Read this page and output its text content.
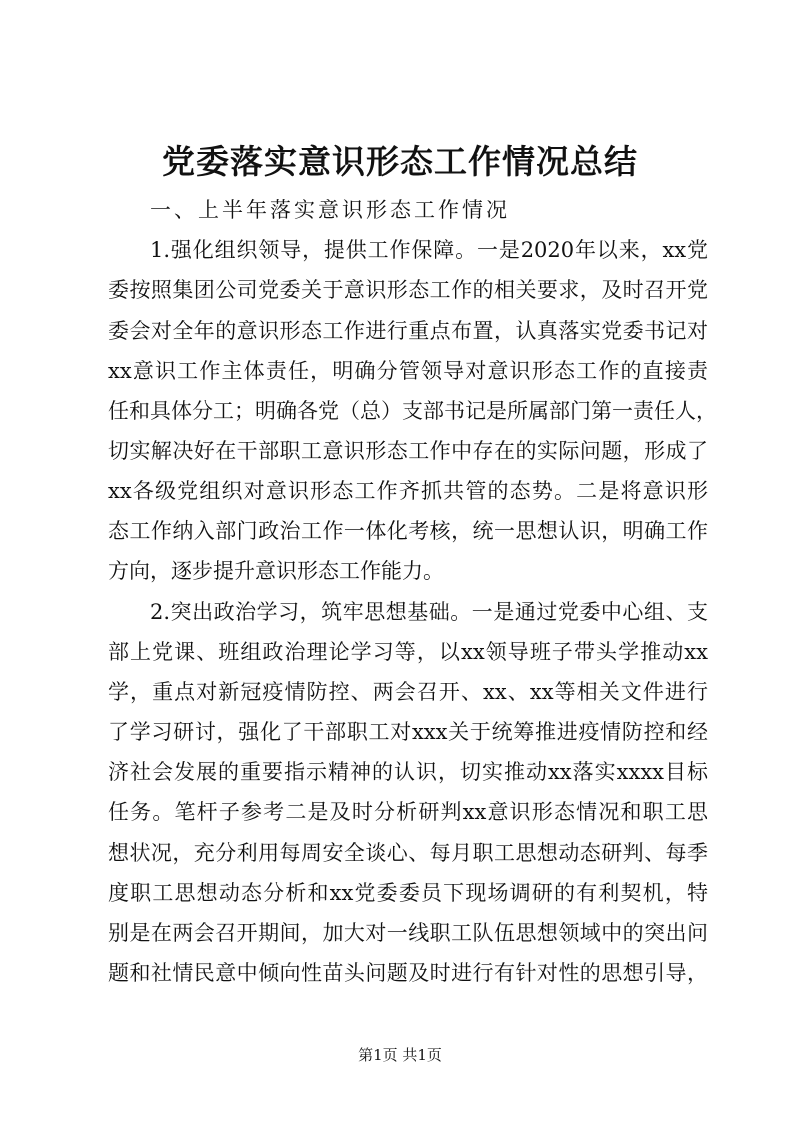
党委落实意识形态工作情况总结
一、上半年落实意识形态工作情况
1.强化组织领导，提供工作保障。一是2020年以来，xx党
委按照集团公司党委关于意识形态工作的相关要求，及时召开党
委会对全年的意识形态工作进行重点布置，认真落实党委书记对
xx意识工作主体责任，明确分管领导对意识形态工作的直接责
任和具体分工；明确各党（总）支部书记是所属部门第一责任人，
切实解决好在干部职工意识形态工作中存在的实际问题，形成了
xx各级党组织对意识形态工作齐抓共管的态势。二是将意识形
态工作纳入部门政治工作一体化考核，统一思想认识，明确工作
方向，逐步提升意识形态工作能力。
2.突出政治学习，筑牢思想基础。一是通过党委中心组、支
部上党课、班组政治理论学习等，以xx领导班子带头学推动xx
学，重点对新冠疫情防控、两会召开、xx、xx等相关文件进行
了学习研讨，强化了干部职工对xxx关于统筹推进疫情防控和经
济社会发展的重要指示精神的认识，切实推动xx落实xxxx目标
任务。笔杆子参考二是及时分析研判xx意识形态情况和职工思
想状况，充分利用每周安全谈心、每月职工思想动态研判、每季
度职工思想动态分析和xx党委委员下现场调研的有利契机，特
别是在两会召开期间，加大对一线职工队伍思想领域中的突出问
题和社情民意中倾向性苗头问题及时进行有针对性的思想引导，
第1页 共1页
